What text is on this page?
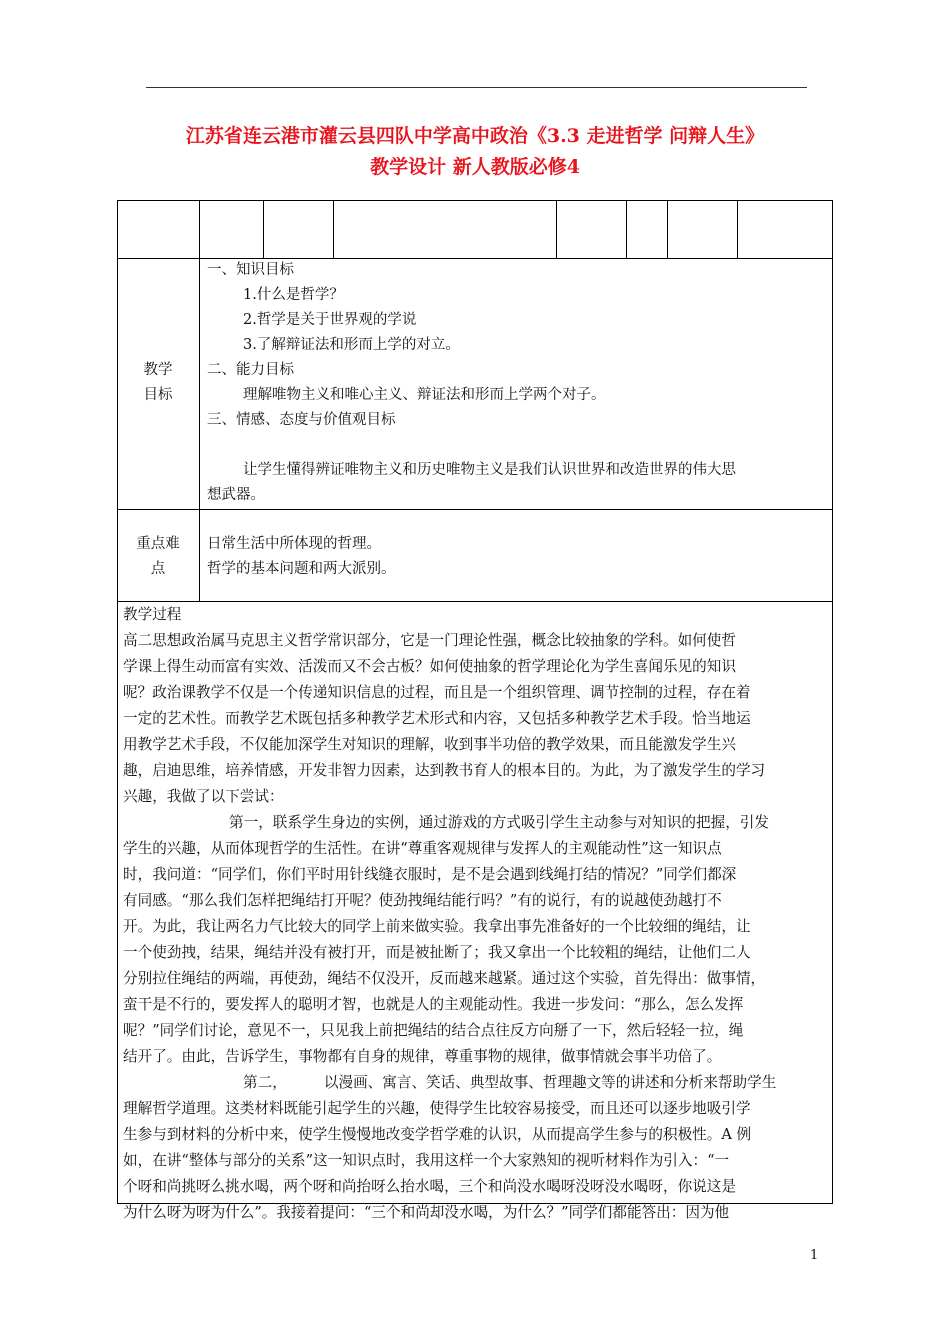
江苏省连云港市灌云县四队中学高中政治《3.3 走进哲学 问辩人生》
教学设计 新人教版必修4
教学
目标
一、知识目标
1.什么是哲学？
2.哲学是关于世界观的学说
3.了解辩证法和形而上学的对立。
二、能力目标
理解唯物主义和唯心主义、辩证法和形而上学两个对子。
三、情感、态度与价值观目标
让学生懂得辨证唯物主义和历史唯物主义是我们认识世界和改造世界的伟大思
想武器。
重点难
点
日常生活中所体现的哲理。
哲学的基本问题和两大派别。
教学过程
高二思想政治属马克思主义哲学常识部分，它是一门理论性强，概念比较抽象的学科。如何使哲
学课上得生动而富有实效、活泼而又不会古板？如何使抽象的哲学理论化为学生喜闻乐见的知识
呢？政治课教学不仅是一个传递知识信息的过程，而且是一个组织管理、调节控制的过程，存在着
一定的艺术性。而教学艺术既包括多种教学艺术形式和内容，又包括多种教学艺术手段。恰当地运
用教学艺术手段，不仅能加深学生对知识的理解，收到事半功倍的教学效果，而且能激发学生兴
趣，启迪思维，培养情感，开发非智力因素，达到教书育人的根本目的。为此，为了激发学生的学习
兴趣，我做了以下尝试：
第一，联系学生身边的实例，通过游戏的方式吸引学生主动参与对知识的把握，引发
学生的兴趣，从而体现哲学的生活性。在讲“尊重客观规律与发挥人的主观能动性”这一知识点
时，我问道：“同学们，你们平时用针线缝衣服时，是不是会遇到线绳打结的情况？”同学们都深
有同感。“那么我们怎样把绳结打开呢？使劲拽绳结能行吗？”有的说行，有的说越使劲越打不
开。为此，我让两名力气比较大的同学上前来做实验。我拿出事先准备好的一个比较细的绳结，让
一个使劲拽，结果，绳结并没有被打开，而是被扯断了；我又拿出一个比较粗的绳结，让他们二人
分别拉住绳结的两端，再使劲，绳结不仅没开，反而越来越紧。通过这个实验，首先得出：做事情，
蛮干是不行的，要发挥人的聪明才智，也就是人的主观能动性。我进一步发问：“那么，怎么发挥
呢？”同学们讨论，意见不一，只见我上前把绳结的结合点往反方向掰了一下，然后轻轻一拉，绳
结开了。由此，告诉学生，事物都有自身的规律，尊重事物的规律，做事情就会事半功倍了。
第二，        以漫画、寓言、笑话、典型故事、哲理趣文等的讲述和分析来帮助学生
理解哲学道理。这类材料既能引起学生的兴趣，使得学生比较容易接受，而且还可以逐步地吸引学
生参与到材料的分析中来，使学生慢慢地改变学哲学难的认识，从而提高学生参与的积极性。A 例
如，在讲“整体与部分的关系”这一知识点时，我用这样一个大家熟知的视听材料作为引入：“一
个呀和尚挑呀么挑水喝，两个呀和尚抬呀么抬水喝，三个和尚没水喝呀没呀没水喝呀，你说这是
为什么呀为呀为什么”。我接着提问：“三个和尚却没水喝，为什么？”同学们都能答出：因为他
1
